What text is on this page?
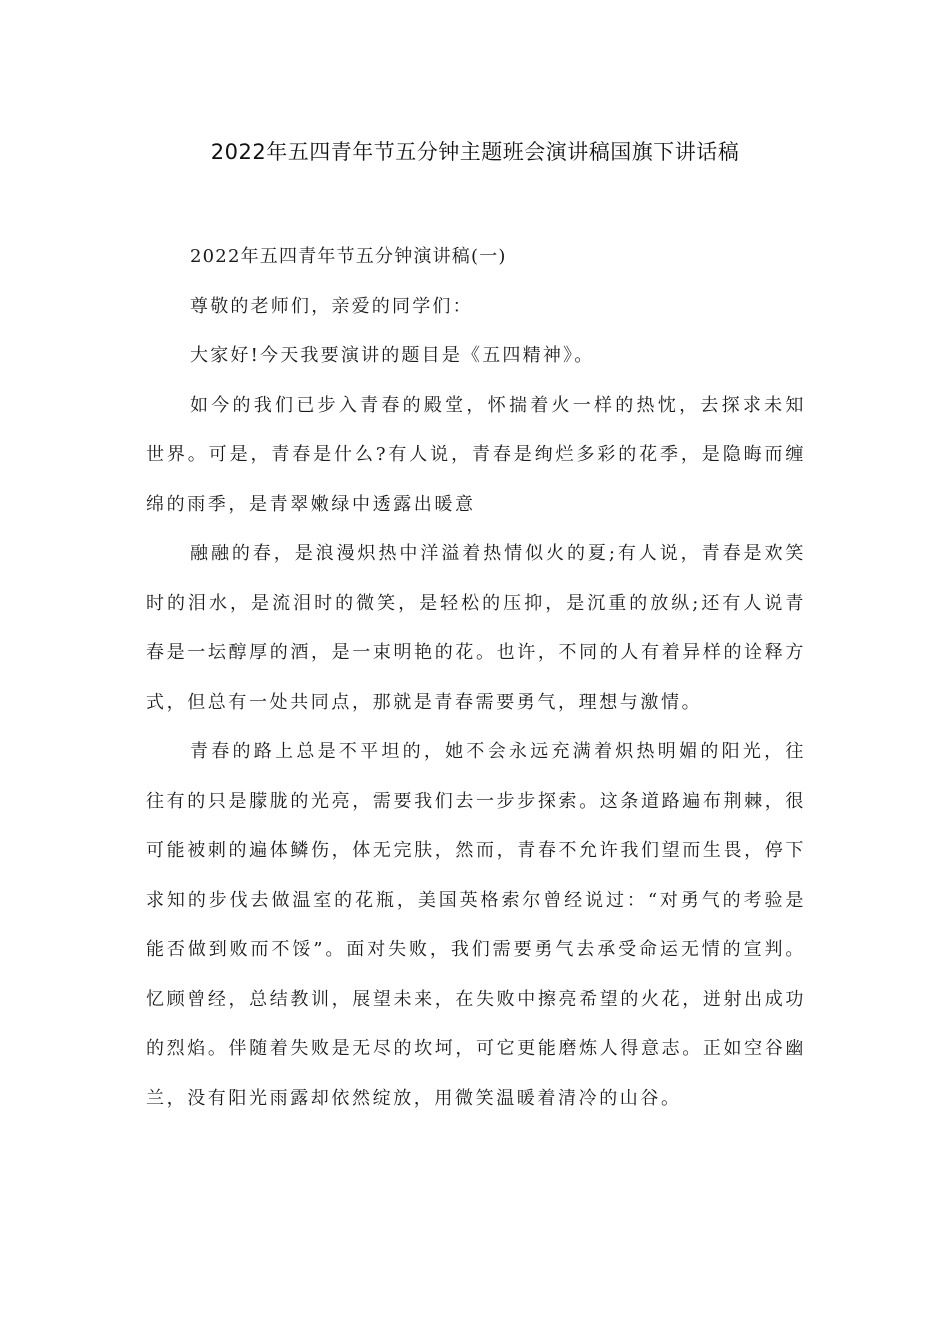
2022年五四青年节五分钟主题班会演讲稿国旗下讲话稿

2022年五四青年节五分钟演讲稿(一)

尊敬的老师们，亲爱的同学们：

大家好!今天我要演讲的题目是《五四精神》。

如今的我们已步入青春的殿堂，怀揣着火一样的热忱，去探求未知世界。可是，青春是什么?有人说，青春是绚烂多彩的花季，是隐晦而缠绵的雨季，是青翠嫩绿中透露出暖意

融融的春，是浪漫炽热中洋溢着热情似火的夏;有人说，青春是欢笑时的泪水，是流泪时的微笑，是轻松的压抑，是沉重的放纵;还有人说青春是一坛醇厚的酒，是一束明艳的花。也许，不同的人有着异样的诠释方式，但总有一处共同点，那就是青春需要勇气，理想与激情。

青春的路上总是不平坦的，她不会永远充满着炽热明媚的阳光，往往有的只是朦胧的光亮，需要我们去一步步探索。这条道路遍布荆棘，很可能被刺的遍体鳞伤，体无完肤，然而，青春不允许我们望而生畏，停下求知的步伐去做温室的花瓶，美国英格索尔曾经说过：“对勇气的考验是能否做到败而不馁”。面对失败，我们需要勇气去承受命运无情的宣判。忆顾曾经，总结教训，展望未来，在失败中擦亮希望的火花，迸射出成功的烈焰。伴随着失败是无尽的坎坷，可它更能磨炼人得意志。正如空谷幽兰，没有阳光雨露却依然绽放，用微笑温暖着清冷的山谷。
